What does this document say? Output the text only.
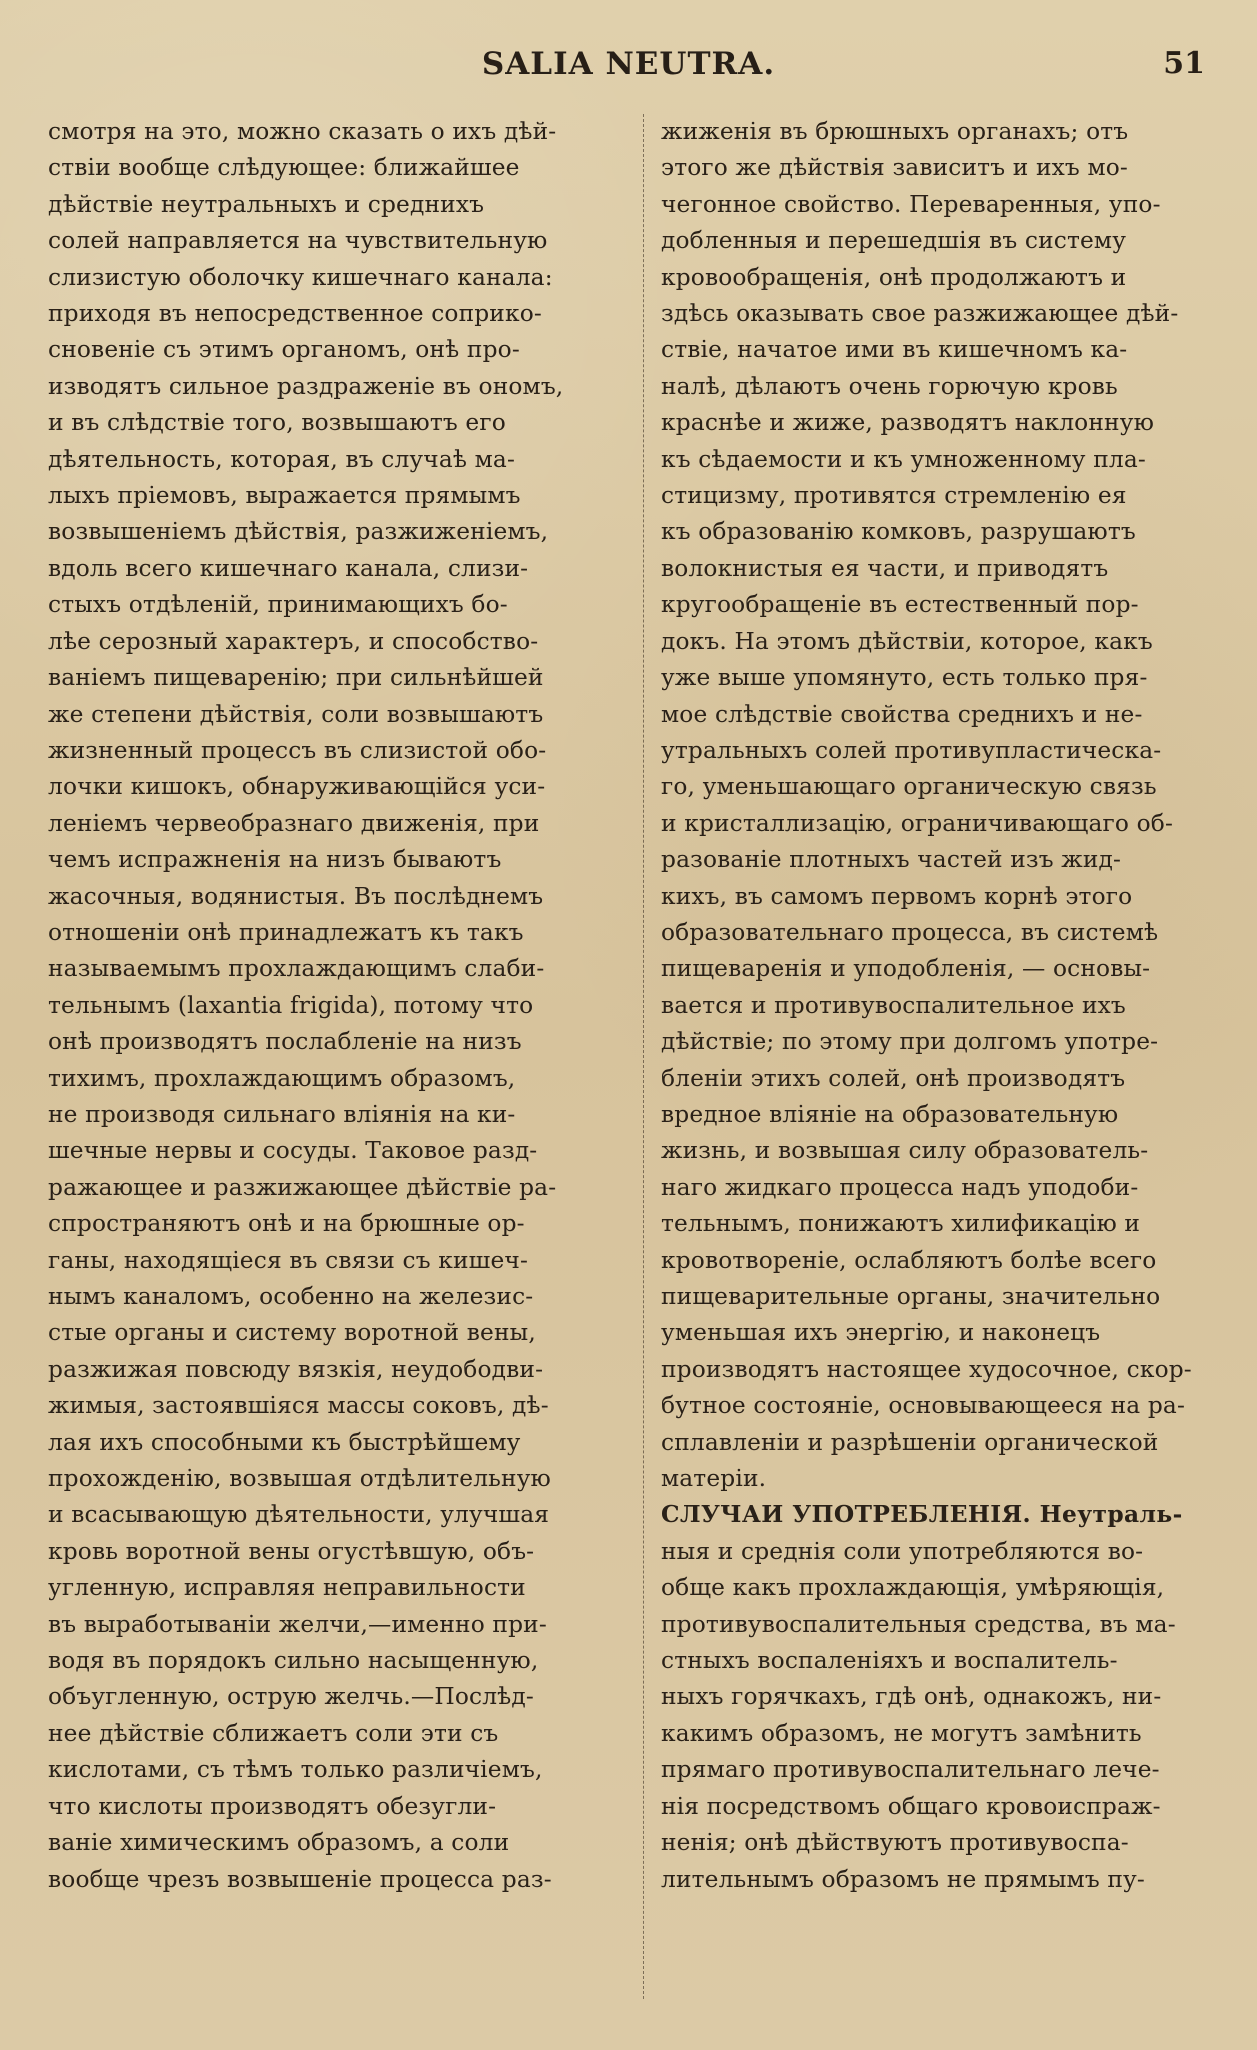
SALIA NEUTRA.	51
смотря на это, можно сказать о ихъ дѣй-
ствіи вообще слѣдующее: ближайшее
дѣйствіе неутральныхъ и среднихъ
солей направляется на чувствительную
слизистую оболочку кишечнаго канала:
приходя въ непосредственное соприко-
сновеніе съ этимъ органомъ, онѣ про-
изводятъ сильное раздраженіе въ ономъ,
и въ слѣдствіе того, возвышаютъ его
дѣятельность, которая, въ случаѣ ма-
лыхъ пріемовъ, выражается прямымъ
возвышеніемъ дѣйствія, разжиженіемъ,
вдоль всего кишечнаго канала, слизи-
стыхъ отдѣленій, принимающихъ бо-
лѣе серозный характеръ, и способство-
ваніемъ пищеваренію; при сильнѣйшей
же степени дѣйствія, соли возвышаютъ
жизненный процессъ въ слизистой обо-
лочки кишокъ, обнаруживающійся уси-
леніемъ червеобразнаго движенія, при
чемъ испражненія на низъ бываютъ
жасочныя, водянистыя. Въ послѣднемъ
отношеніи онѣ принадлежатъ къ такъ
называемымъ прохлаждающимъ слаби-
тельнымъ (laxantia frigida), потому что
онѣ производятъ послабленіе на низъ
тихимъ, прохлаждающимъ образомъ,
не производя сильнаго вліянія на ки-
шечные нервы и сосуды. Таковое разд-
ражающее и разжижающее дѣйствіе ра-
спространяютъ онѣ и на брюшные ор-
ганы, находящіеся въ связи съ кишеч-
нымъ каналомъ, особенно на железис-
стые органы и систему воротной вены,
разжижая повсюду вязкія, неудободви-
жимыя, застоявшіяся массы соковъ, дѣ-
лая ихъ способными къ быстрѣйшему
прохожденію, возвышая отдѣлительную
и всасывающую дѣятельности, улучшая
кровь воротной вены огустѣвшую, объ-
угленную, исправляя неправильности
въ выработываніи желчи,—именно при-
водя въ порядокъ сильно насыщенную,
объугленную, острую желчь.—Послѣд-
нее дѣйствіе сближаетъ соли эти съ
кислотами, съ тѣмъ только различіемъ,
что кислоты производятъ обезугли-
ваніе химическимъ образомъ, а соли
вообще чрезъ возвышеніе процесса раз-
жиженія въ брюшныхъ органахъ; отъ
этого же дѣйствія зависитъ и ихъ мо-
чегонное свойство. Переваренныя, упо-
добленныя и перешедшія въ систему
кровообращенія, онѣ продолжаютъ и
здѣсь оказывать свое разжижающее дѣй-
ствіе, начатое ими въ кишечномъ ка-
налѣ, дѣлаютъ очень горючую кровь
краснѣе и жиже, разводятъ наклонную
къ сѣдаемости и къ умноженному пла-
стицизму, противятся стремленію ея
къ образованію комковъ, разрушаютъ
волокнистыя ея части, и приводятъ
кругообращеніе въ естественный пор-
докъ. На этомъ дѣйствіи, которое, какъ
уже выше упомянуто, есть только пря-
мое слѣдствіе свойства среднихъ и не-
утральныхъ солей противупластическа-
го, уменьшающаго органическую связь
и кристаллизацію, ограничивающаго об-
разованіе плотныхъ частей изъ жид-
кихъ, въ самомъ первомъ корнѣ этого
образовательнаго процесса, въ системѣ
пищеваренія и уподобленія, — основы-
вается и противувоспалительное ихъ
дѣйствіе; по этому при долгомъ употре-
бленіи этихъ солей, онѣ производятъ
вредное вліяніе на образовательную
жизнь, и возвышая силу образователь-
наго жидкаго процесса надъ уподоби-
тельнымъ, понижаютъ хилификацію и
кровотвореніе, ослабляютъ болѣе всего
пищеварительные органы, значительно
уменьшая ихъ энергію, и наконецъ
производятъ настоящее худосочное, скор-
бутное состояніе, основывающееся на ра-
сплавленіи и разрѣшеніи органической
матеріи.
СЛУЧАИ УПОТРЕБЛЕНІЯ. Неутраль-
ныя и среднія соли употребляются во-
обще какъ прохлаждающія, умѣряющія,
противувоспалительныя средства, въ ма-
стныхъ воспаленіяхъ и воспалитель-
ныхъ горячкахъ, гдѣ онѣ, однакожъ, ни-
какимъ образомъ, не могутъ замѣнить
прямаго противувоспалительнаго лече-
нія посредствомъ общаго кровоиспраж-
ненія; онѣ дѣйствуютъ противувоспа-
лительнымъ образомъ не прямымъ пу-
